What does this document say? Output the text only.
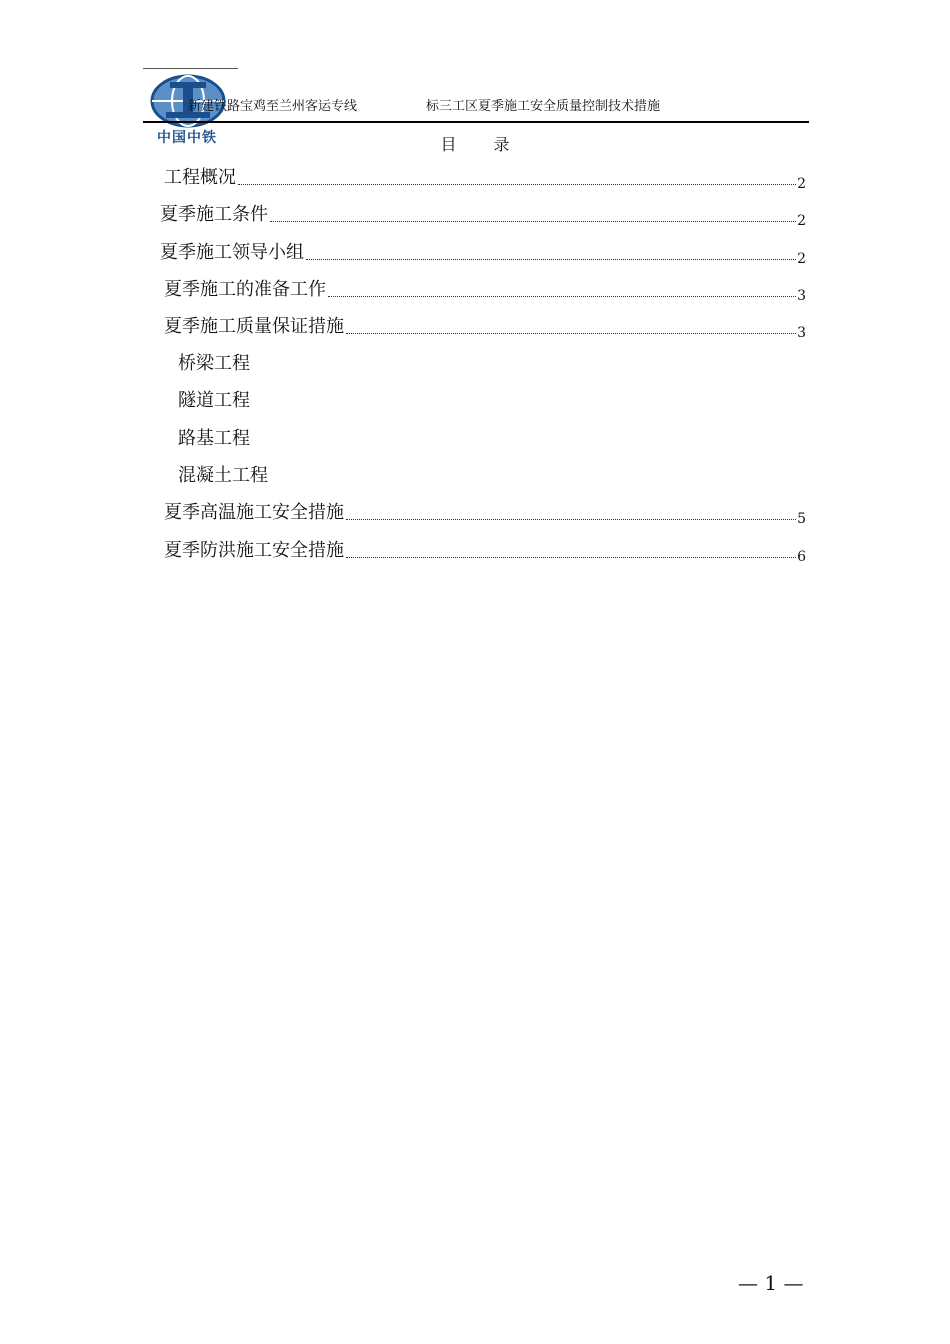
中国中铁
新建铁路宝鸡至兰州客运专线	标三工区夏季施工安全质量控制技术措施
目 录
工程概况	2
夏季施工条件	2
夏季施工领导小组	2
夏季施工的准备工作	3
夏季施工质量保证措施	3
桥梁工程
隧道工程
路基工程
混凝土工程
夏季高温施工安全措施	5
夏季防洪施工安全措施	6
— 1 —
